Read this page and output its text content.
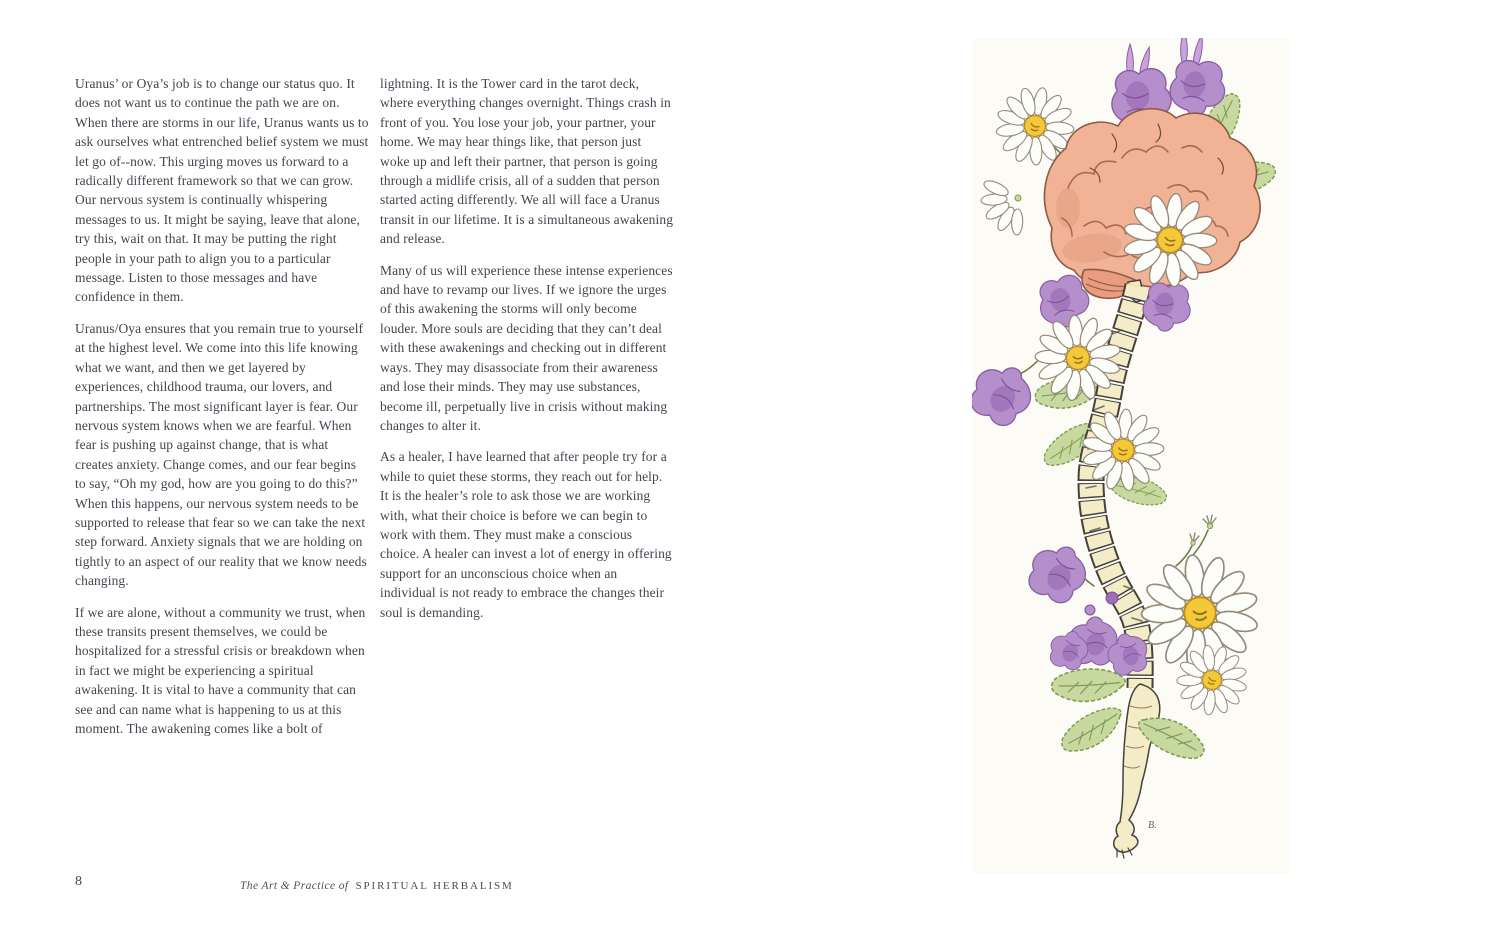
Uranus’ or Oya’s job is to change our status quo. It does not want us to continue the path we are on. When there are storms in our life, Uranus wants us to ask ourselves what entrenched belief system we must let go of--now. This urging moves us forward to a radically different framework so that we can grow. Our nervous system is continually whispering messages to us. It might be saying, leave that alone, try this, wait on that. It may be putting the right people in your path to align you to a particular message. Listen to those messages and have confidence in them.

Uranus/Oya ensures that you remain true to yourself at the highest level. We come into this life knowing what we want, and then we get layered by experiences, childhood trauma, our lovers, and partnerships. The most significant layer is fear. Our nervous system knows when we are fearful. When fear is pushing up against change, that is what creates anxiety. Change comes, and our fear begins to say, “Oh my god, how are you going to do this?” When this happens, our nervous system needs to be supported to release that fear so we can take the next step forward. Anxiety signals that we are holding on tightly to an aspect of our reality that we know needs changing.

If we are alone, without a community we trust, when these transits present themselves, we could be hospitalized for a stressful crisis or breakdown when in fact we might be experiencing a spiritual awakening. It is vital to have a community that can see and can name what is happening to us at this moment. The awakening comes like a bolt of

lightning. It is the Tower card in the tarot deck, where everything changes overnight. Things crash in front of you. You lose your job, your partner, your home. We may hear things like, that person just woke up and left their partner, that person is going through a midlife crisis, all of a sudden that person started acting differently. We all will face a Uranus transit in our lifetime. It is a simultaneous awakening and release.

Many of us will experience these intense experiences and have to revamp our lives. If we ignore the urges of this awakening the storms will only become louder. More souls are deciding that they can’t deal with these awakenings and checking out in different ways. They may disassociate from their awareness and lose their minds. They may use substances, become ill, perpetually live in crisis without making changes to alter it.

As a healer, I have learned that after people try for a while to quiet these storms, they reach out for help. It is the healer’s role to ask those we are working with, what their choice is before we can begin to work with them. They must make a conscious choice. A healer can invest a lot of energy in offering support for an unconscious choice when an individual is not ready to embrace the changes their soul is demanding.

B.
8	The Art & Practice of SPIRITUAL HERBALISM
